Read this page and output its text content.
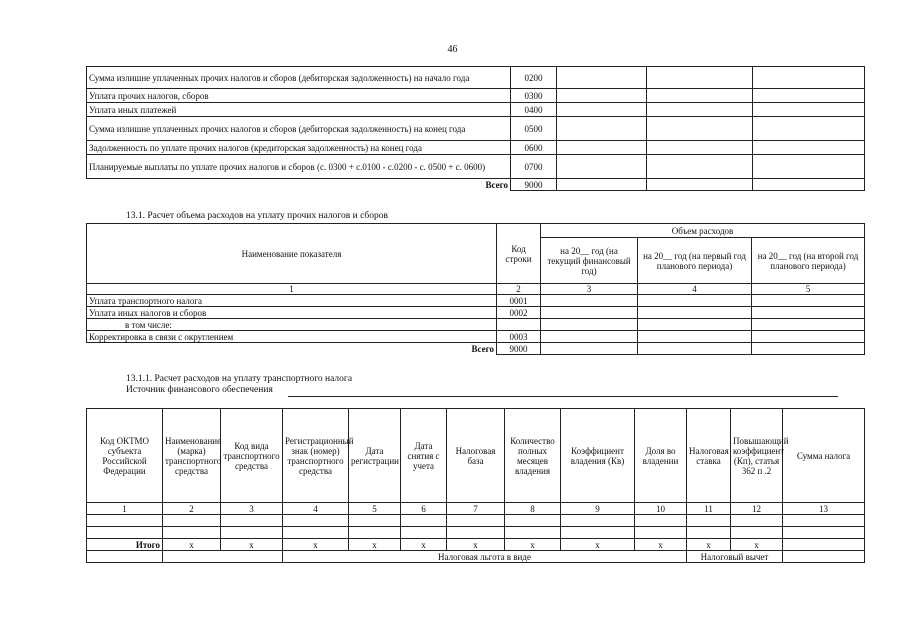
46
Сумма излишне уплаченных прочих налогов и сборов (дебиторская задолженность) на начало года	0200			
Уплата прочих налогов, сборов	0300			
Уплата иных платежей	0400			
Сумма излишне уплаченных прочих налогов и сборов (дебиторская задолженность) на конец года	0500			
Задолженность по уплате прочих налогов (кредиторская задолженность) на конец года	0600			
Планируемые выплаты по уплате прочих налогов и сборов (с. 0300 + с.0100 - с.0200 - с. 0500 + с. 0600)	0700			
Всего	9000			
13.1. Расчет объема расходов на уплату прочих налогов и сборов
Наименование показателя	Код строки	Объем расходов		
		на 20__ год (на текущий финансовый год)	на 20__ год (на первый год планового периода)	на 20__ год (на второй год планового периода)
1	2	3	4	5
Уплата транспортного налога	0001			
Уплата иных налогов и сборов	0002			
в том числе:				
Корректировка в связи с округлением	0003			
Всего	9000			
13.1.1. Расчет расходов на уплату транспортного налога
Источник финансового обеспечения
Код ОКТМО субъекта Российской Федерации	Наименование (марка) транспортного средства	Код вида транспортного средства	Регистрационный знак (номер) транспортного средства	Дата регистрации	Дата снятия с учета	Налоговая база	Количество полных месяцев владения	Коэффициент владения (Кв)	Доля во владении	Налоговая ставка	Повышающий коэффициент (Кп), статья 362 п .2	Сумма налога
1	2	3	4	5	6	7	8	9	10	11	12	13

Итого	x	x	x	x	x	x	x	x	x	x	x	
			Налоговая льгота в виде							Налоговый вычет		
